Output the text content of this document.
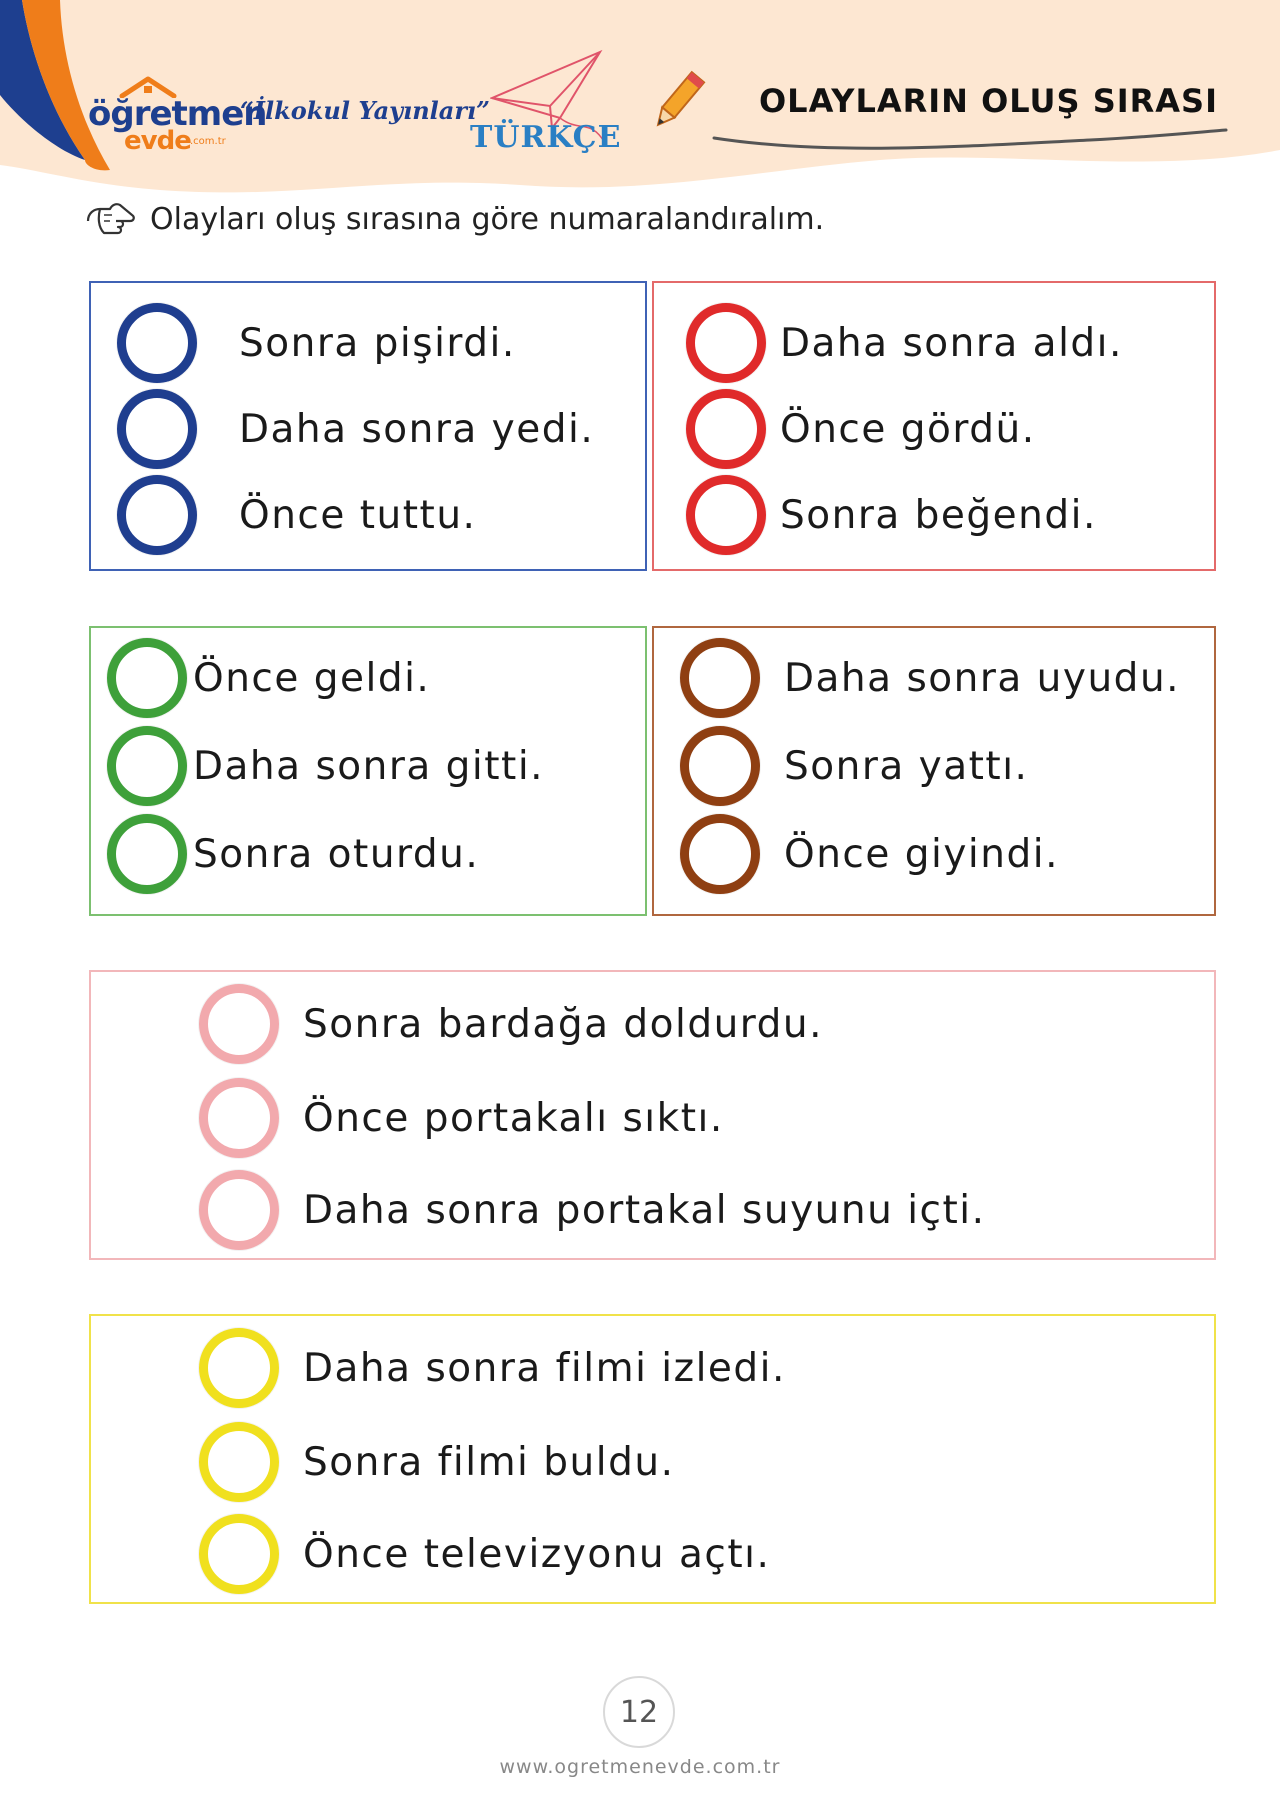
öğretmen
evde .com.tr
“İlkokul Yayınları”
TÜRKÇE
OLAYLARIN OLUŞ SIRASI
Olayları oluş sırasına göre numaralandıralım.
Sonra pişirdi.
Daha sonra yedi.
Önce tuttu.
Daha sonra aldı.
Önce gördü.
Sonra beğendi.
Önce geldi.
Daha sonra gitti.
Sonra oturdu.
Daha sonra uyudu.
Sonra yattı.
Önce giyindi.
Sonra bardağa doldurdu.
Önce portakalı sıktı.
Daha sonra portakal suyunu içti.
Daha sonra filmi izledi.
Sonra filmi buldu.
Önce televizyonu açtı.
12
www.ogretmenevde.com.tr
